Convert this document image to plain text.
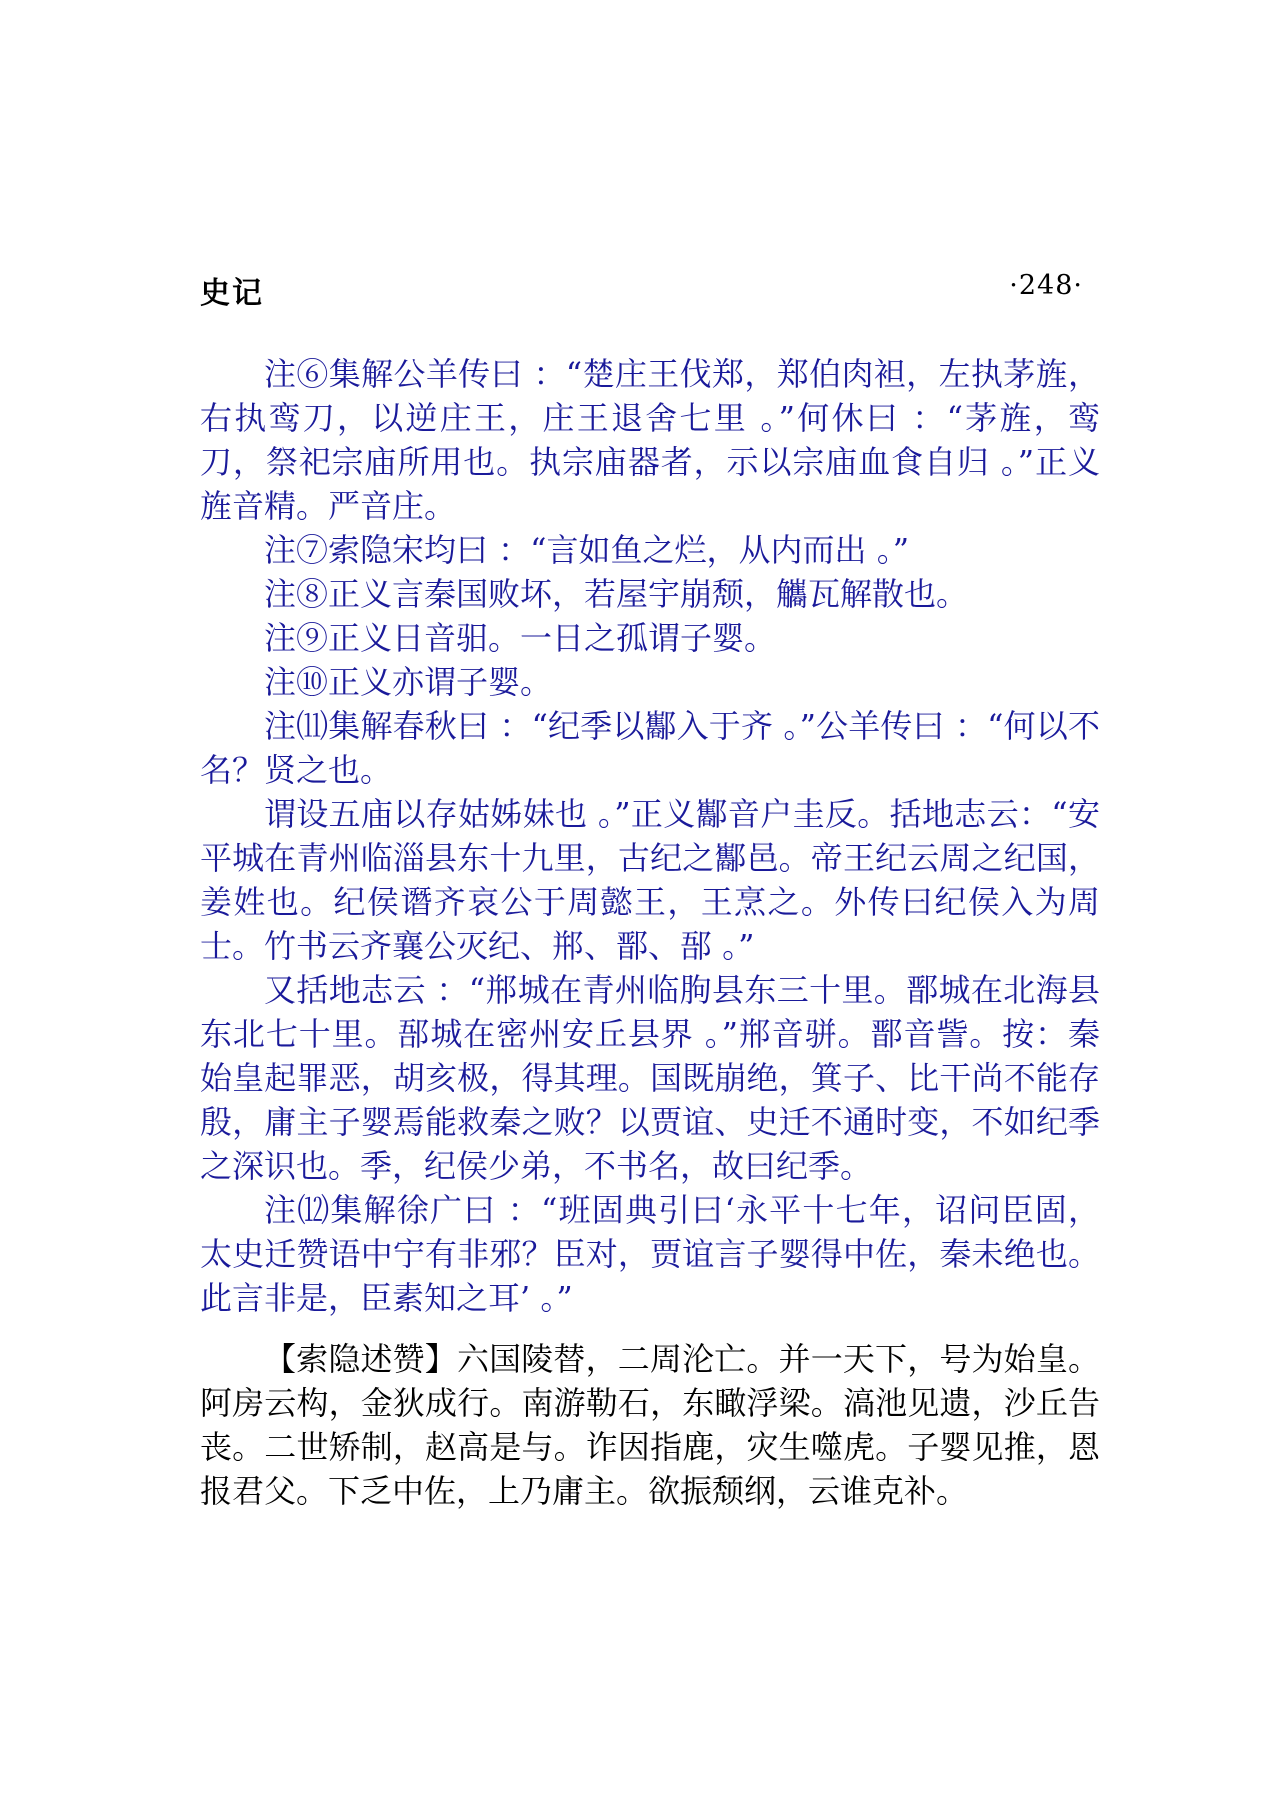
史记	·248·

注⑥集解公羊传曰 ：“楚庄王伐郑，郑伯肉袒，左执茅旌，右执鸾刀，以逆庄王，庄王退舍七里 。”何休曰 ：“茅旌，鸾刀，祭祀宗庙所用也。执宗庙器者，示以宗庙血食自归 。”正义旌音精。严音庄。

注⑦索隐宋均曰 ：“言如鱼之烂，从内而出 。”

注⑧正义言秦国败坏，若屋宇崩颓，觿瓦解散也。

注⑨正义日音驲。一日之孤谓子婴。

注⑩正义亦谓子婴。

注⑾集解春秋曰 ：“纪季以酅入于齐 。”公羊传曰 ：“何以不名？贤之也。

谓设五庙以存姑姊妹也 。”正义酅音户圭反。括地志云：“安平城在青州临淄县东十九里，古纪之酅邑。帝王纪云周之纪国，姜姓也。纪侯谮齐哀公于周懿王，王烹之。外传曰纪侯入为周士。竹书云齐襄公灭纪、郱、鄑、郚 。”

又括地志云 ：“郱城在青州临朐县东三十里。鄑城在北海县东北七十里。郚城在密州安丘县界 。”郱音骈。鄑音訾。按：秦始皇起罪恶，胡亥极，得其理。国既崩绝，箕子、比干尚不能存殷，庸主子婴焉能救秦之败？以贾谊、史迁不通时变，不如纪季之深识也。季，纪侯少弟，不书名，故曰纪季。

注⑿集解徐广曰 ：“班固典引曰‘永平十七年，诏问臣固，太史迁赞语中宁有非邪？臣对，贾谊言子婴得中佐，秦未绝也。此言非是，臣素知之耳’ 。”

【索隐述赞】六国陵替，二周沦亡。并一天下，号为始皇。阿房云构，金狄成行。南游勒石，东瞰浮梁。滈池见遗，沙丘告丧。二世矫制，赵高是与。诈因指鹿，灾生噬虎。子婴见推，恩报君父。下乏中佐，上乃庸主。欲振颓纲，云谁克补。
